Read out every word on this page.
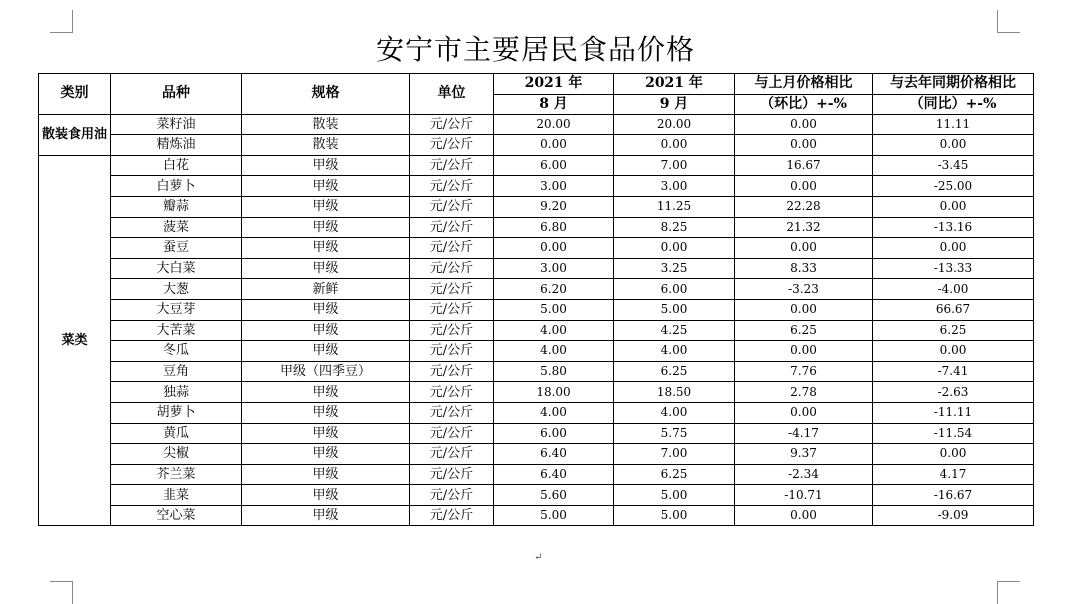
安宁市主要居民食品价格
类别	品种	规格	单位	2021 年	2021 年	与上月价格相比	与去年同期价格相比
				8 月	9 月	（环比）+-%	（同比）+-%
散装食用油	菜籽油	散装	元/公斤	20.00	20.00	0.00	11.11
	精炼油	散装	元/公斤	0.00	0.00	0.00	0.00
菜类	白花	甲级	元/公斤	6.00	7.00	16.67	-3.45
	白萝卜	甲级	元/公斤	3.00	3.00	0.00	-25.00
	瓣蒜	甲级	元/公斤	9.20	11.25	22.28	0.00
	菠菜	甲级	元/公斤	6.80	8.25	21.32	-13.16
	蚕豆	甲级	元/公斤	0.00	0.00	0.00	0.00
	大白菜	甲级	元/公斤	3.00	3.25	8.33	-13.33
	大葱	新鲜	元/公斤	6.20	6.00	-3.23	-4.00
	大豆芽	甲级	元/公斤	5.00	5.00	0.00	66.67
	大苦菜	甲级	元/公斤	4.00	4.25	6.25	6.25
	冬瓜	甲级	元/公斤	4.00	4.00	0.00	0.00
	豆角	甲级（四季豆）	元/公斤	5.80	6.25	7.76	-7.41
	独蒜	甲级	元/公斤	18.00	18.50	2.78	-2.63
	胡萝卜	甲级	元/公斤	4.00	4.00	0.00	-11.11
	黄瓜	甲级	元/公斤	6.00	5.75	-4.17	-11.54
	尖椒	甲级	元/公斤	6.40	7.00	9.37	0.00
	芥兰菜	甲级	元/公斤	6.40	6.25	-2.34	4.17
	韭菜	甲级	元/公斤	5.60	5.00	-10.71	-16.67
	空心菜	甲级	元/公斤	5.00	5.00	0.00	-9.09
↵
